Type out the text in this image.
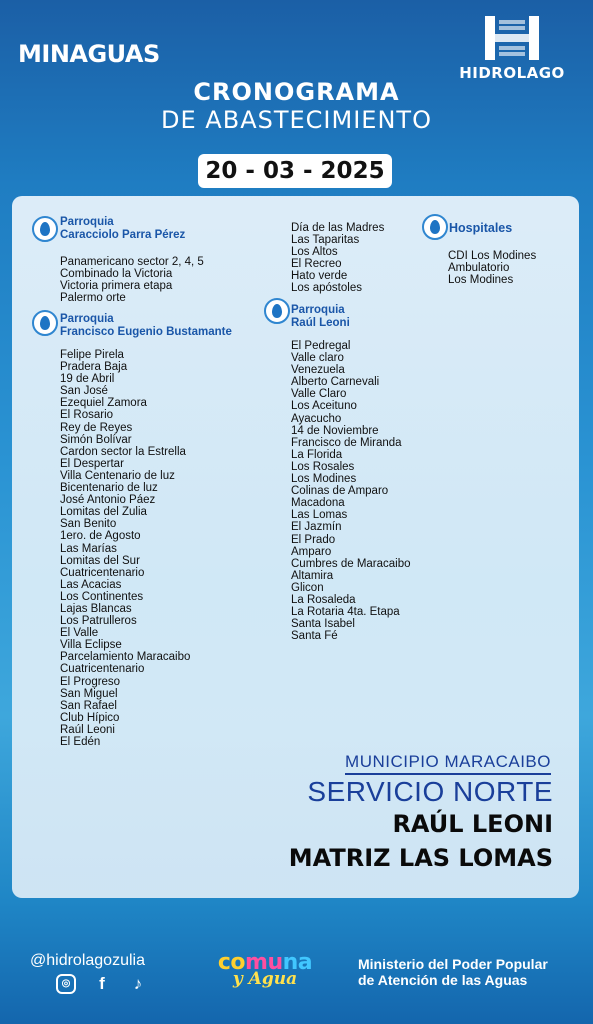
MINAGUAS
HIDROLAGO
CRONOGRAMA
DE ABASTECIMIENTO
20 - 03 - 2025
Parroquia
Caracciolo Parra Pérez
Panamericano sector 2, 4, 5
Combinado la Victoria
Victoria primera etapa
Palermo orte
Parroquia
Francisco Eugenio Bustamante
Felipe Pirela
Pradera Baja
19 de Abril
San José
Ezequiel Zamora
El Rosario
Rey de Reyes
Simón Bolívar
Cardon sector la Estrella
El Despertar
Villa Centenario de luz
Bicentenario de luz
José Antonio Páez
Lomitas del Zulia
San Benito
1ero. de Agosto
Las Marías
Lomitas del Sur
Cuatricentenario
Las Acacias
Los Continentes
Lajas Blancas
Los Patrulleros
El Valle
Villa Eclipse
Parcelamiento Maracaibo
Cuatricentenario
El Progreso
San Miguel
San Rafael
Club Hípico
Raúl Leoni
El Edén
Día de las Madres
Las Taparitas
Los Altos
El Recreo
Hato verde
Los apóstoles
Parroquia
Raúl Leoni
El Pedregal
Valle claro
Venezuela
Alberto Carnevali
Valle Claro
Los Aceituno
Ayacucho
14 de Noviembre
Francisco de Miranda
La Florida
Los Rosales
Los Modines
Colinas de Amparo
Macadona
Las Lomas
El Jazmín
El Prado
Amparo
Cumbres de Maracaibo
Altamira
Glicon
La Rosaleda
La Rotaria 4ta. Etapa
Santa Isabel
Santa Fé
Hospitales
CDI Los Modines
Ambulatorio
Los Modines
MUNICIPIO MARACAIBO
SERVICIO NORTE
RAÚL LEONI
MATRIZ LAS LOMAS
@hidrolagozulia
◎	f	♪
comuna
y Agua
Ministerio del Poder Popular
de Atención de las Aguas
